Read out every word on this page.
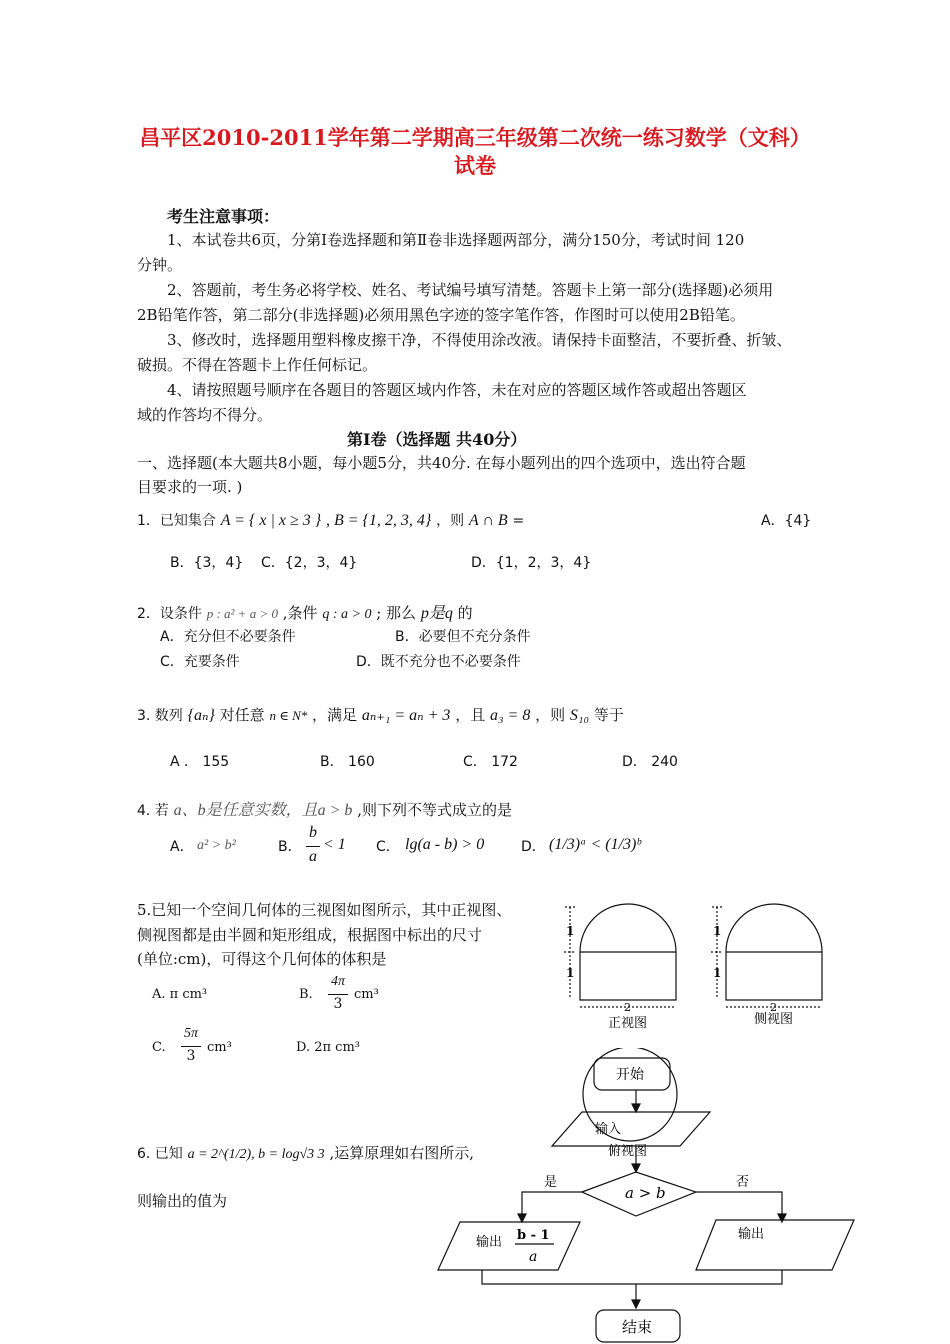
昌平区2010-2011学年第二学期高三年级第二次统一练习数学（文科）
试卷
考生注意事项：
1、本试卷共6页，分第Ⅰ卷选择题和第Ⅱ卷非选择题两部分，满分150分，考试时间 120
分钟。
2、答题前，考生务必将学校、姓名、考试编号填写清楚。答题卡上第一部分(选择题)必须用
2B铅笔作答，第二部分(非选择题)必须用黑色字迹的签字笔作答，作图时可以使用2B铅笔。
3、修改时，选择题用塑料橡皮擦干净，不得使用涂改液。请保持卡面整洁，不要折叠、折皱、
破损。不得在答题卡上作任何标记。
4、请按照题号顺序在各题目的答题区域内作答，未在对应的答题区域作答或超出答题区
域的作答均不得分。
第Ⅰ卷（选择题 共40分）
一、选择题(本大题共8小题，每小题5分，共40分. 在每小题列出的四个选项中，选出符合题
目要求的一项. )
1．已知集合 A = { x | x ≥ 3 } , B = {1, 2, 3, 4} ，则 A ∩ B =	A．{4}
B．{3，4} C．{2，3，4}	D．{1，2，3，4}
2．设条件 p : a² + a > 0 ,条件 q : a > 0 ; 那么 p是q 的
A．充分但不必要条件	B．必要但不充分条件
C．充要条件	D．既不充分也不必要条件
3. 数列 {aₙ} 对任意 n ∈ N* ，满足 aₙ₊₁ = aₙ + 3 ，且 a₃ = 8 ，则 S₁₀ 等于
A ． 155	B． 160	C． 172	D． 240
4. 若 a、b是任意实数，且a > b ,则下列不等式成立的是
A． a² > b²	B．
b
a
< 1 C． lg(a - b) > 0	D． (1/3)ᵃ < (1/3)ᵇ
5.已知一个空间几何体的三视图如图所示，其中正视图、
侧视图都是由半圆和矩形组成，根据图中标出的尺寸
(单位:cm)，可得这个几何体的体积是
A. π cm³	B.
4π
3
cm³
C.
5π
3
cm³	D. 2π cm³
1
1
2
正视图
1
1
2
侧视图
6. 已知 a = 2^(1/2), b = log√3 3 ,运算原理如右图所示,
则输出的值为
开始
输入
俯视图
a > b
是	否
输出 b - 1
a
输出
结束
